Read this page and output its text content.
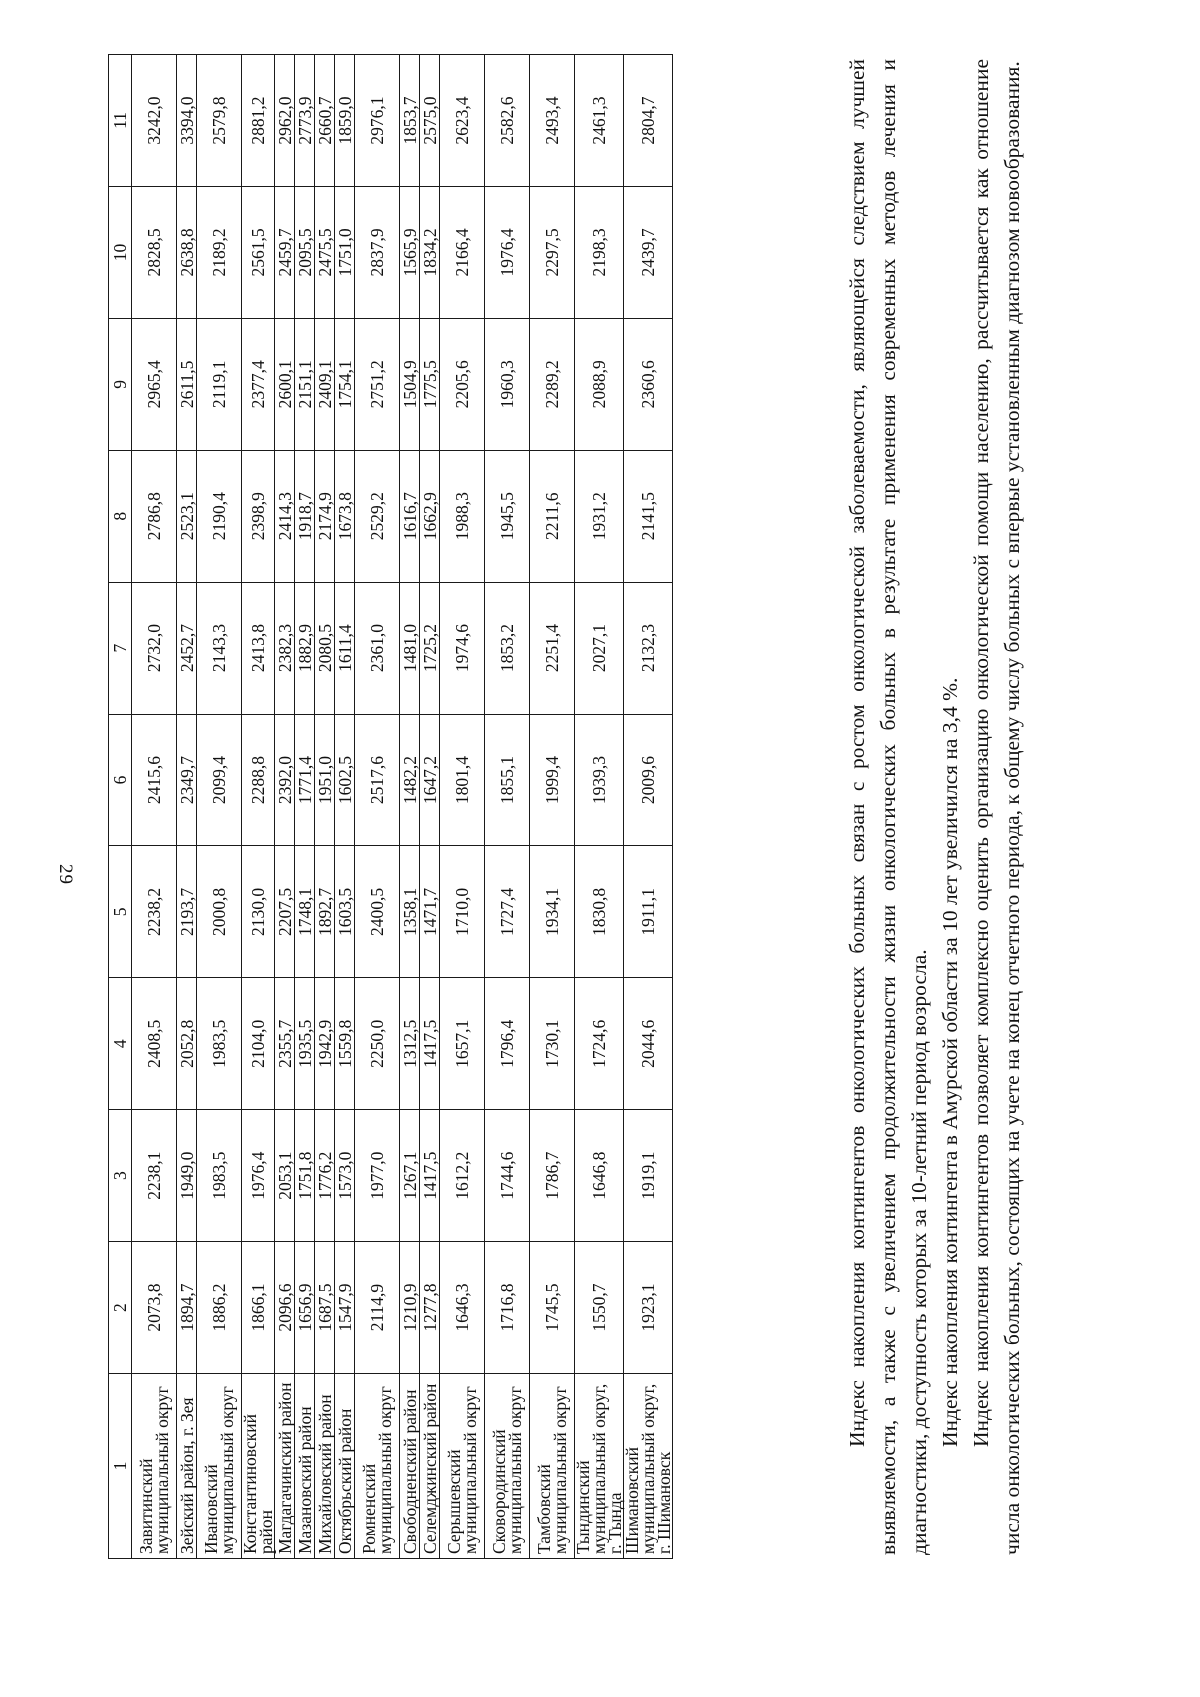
29
1	2	3	4	5	6	7	8	9	10	11
Завитинский муниципальный округ	2073,8	2238,1	2408,5	2238,2	2415,6	2732,0	2786,8	2965,4	2828,5	3242,0
Зейский район, г. Зея	1894,7	1949,0	2052,8	2193,7	2349,7	2452,7	2523,1	2611,5	2638,8	3394,0
Ивановский муниципальный округ	1886,2	1983,5	1983,5	2000,8	2099,4	2143,3	2190,4	2119,1	2189,2	2579,8
Константиновский район	1866,1	1976,4	2104,0	2130,0	2288,8	2413,8	2398,9	2377,4	2561,5	2881,2
Магдагачинский район	2096,6	2053,1	2355,7	2207,5	2392,0	2382,3	2414,3	2600,1	2459,7	2962,0
Мазановский район	1656,9	1751,8	1935,5	1748,1	1771,4	1882,9	1918,7	2151,1	2095,5	2773,9
Михайловский район	1687,5	1776,2	1942,9	1892,7	1951,0	2080,5	2174,9	2409,1	2475,5	2660,7
Октябрьский район	1547,9	1573,0	1559,8	1603,5	1602,5	1611,4	1673,8	1754,1	1751,0	1859,0
Ромненский муниципальный округ	2114,9	1977,0	2250,0	2400,5	2517,6	2361,0	2529,2	2751,2	2837,9	2976,1
Свободненский район	1210,9	1267,1	1312,5	1358,1	1482,2	1481,0	1616,7	1504,9	1565,9	1853,7
Селемджинский район	1277,8	1417,5	1417,5	1471,7	1647,2	1725,2	1662,9	1775,5	1834,2	2575,0
Серышевский муниципальный округ	1646,3	1612,2	1657,1	1710,0	1801,4	1974,6	1988,3	2205,6	2166,4	2623,4
Сковородинский муниципальный округ	1716,8	1744,6	1796,4	1727,4	1855,1	1853,2	1945,5	1960,3	1976,4	2582,6
Тамбовский муниципальный округ	1745,5	1786,7	1730,1	1934,1	1999,4	2251,4	2211,6	2289,2	2297,5	2493,4
Тындинский муниципальный округ, г. Тында	1550,7	1646,8	1724,6	1830,8	1939,3	2027,1	1931,2	2088,9	2198,3	2461,3
Шимановский муниципальный округ, г. Шимановск	1923,1	1919,1	2044,6	1911,1	2009,6	2132,3	2141,5	2360,6	2439,7	2804,7	Индекс накопления контингентов онкологических больных связан с ростом онкологической заболеваемости, являющейся следствием лучшей выявляемости, а также с увеличением продолжительности жизни онкологических больных в результате применения современных методов лечения и диагностики, доступность которых за 10-летний период возросла. Индекс накопления контингента в Амурской области за 10 лет увеличился на 3,4 %. Индекс накопления контингентов позволяет комплексно оценить организацию онкологической помощи населению, рассчитывается как отношение числа онкологических больных, состоящих на учете на конец отчетного периода, к общему числу больных с впервые установленным диагнозом новообразования.
